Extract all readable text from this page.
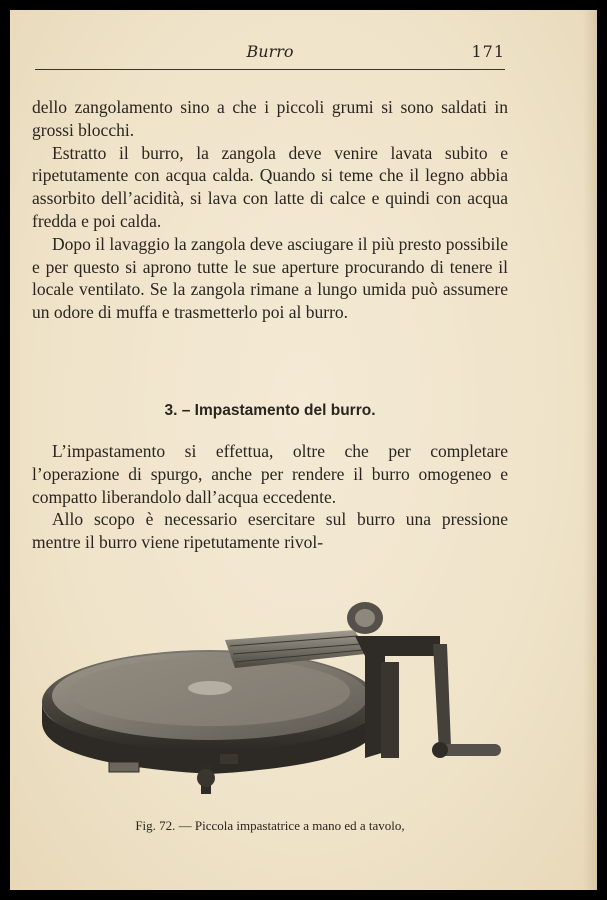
Burro	171

dello zangolamento sino a che i piccoli grumi si sono saldati in grossi blocchi.

Estratto il burro, la zangola deve venire lavata subito e ripetutamente con acqua calda. Quando si teme che il legno abbia assorbito dell’acidità, si lava con latte di calce e quindi con acqua fredda e poi calda.

Dopo il lavaggio la zangola deve asciugare il più presto possibile e per questo si aprono tutte le sue aperture procurando di tenere il locale ventilato. Se la zangola rimane a lungo umida può assumere un odore di muffa e trasmetterlo poi al burro.

3. – Impastamento del burro.

L’impastamento si effettua, oltre che per completare l’operazione di spurgo, anche per rendere il burro omogeneo e compatto liberandolo dall’acqua eccedente.

Allo scopo è necessario esercitare sul burro una pressione mentre il burro viene ripetutamente rivol-

Fig. 72. — Piccola impastatrice a mano ed a tavolo,
